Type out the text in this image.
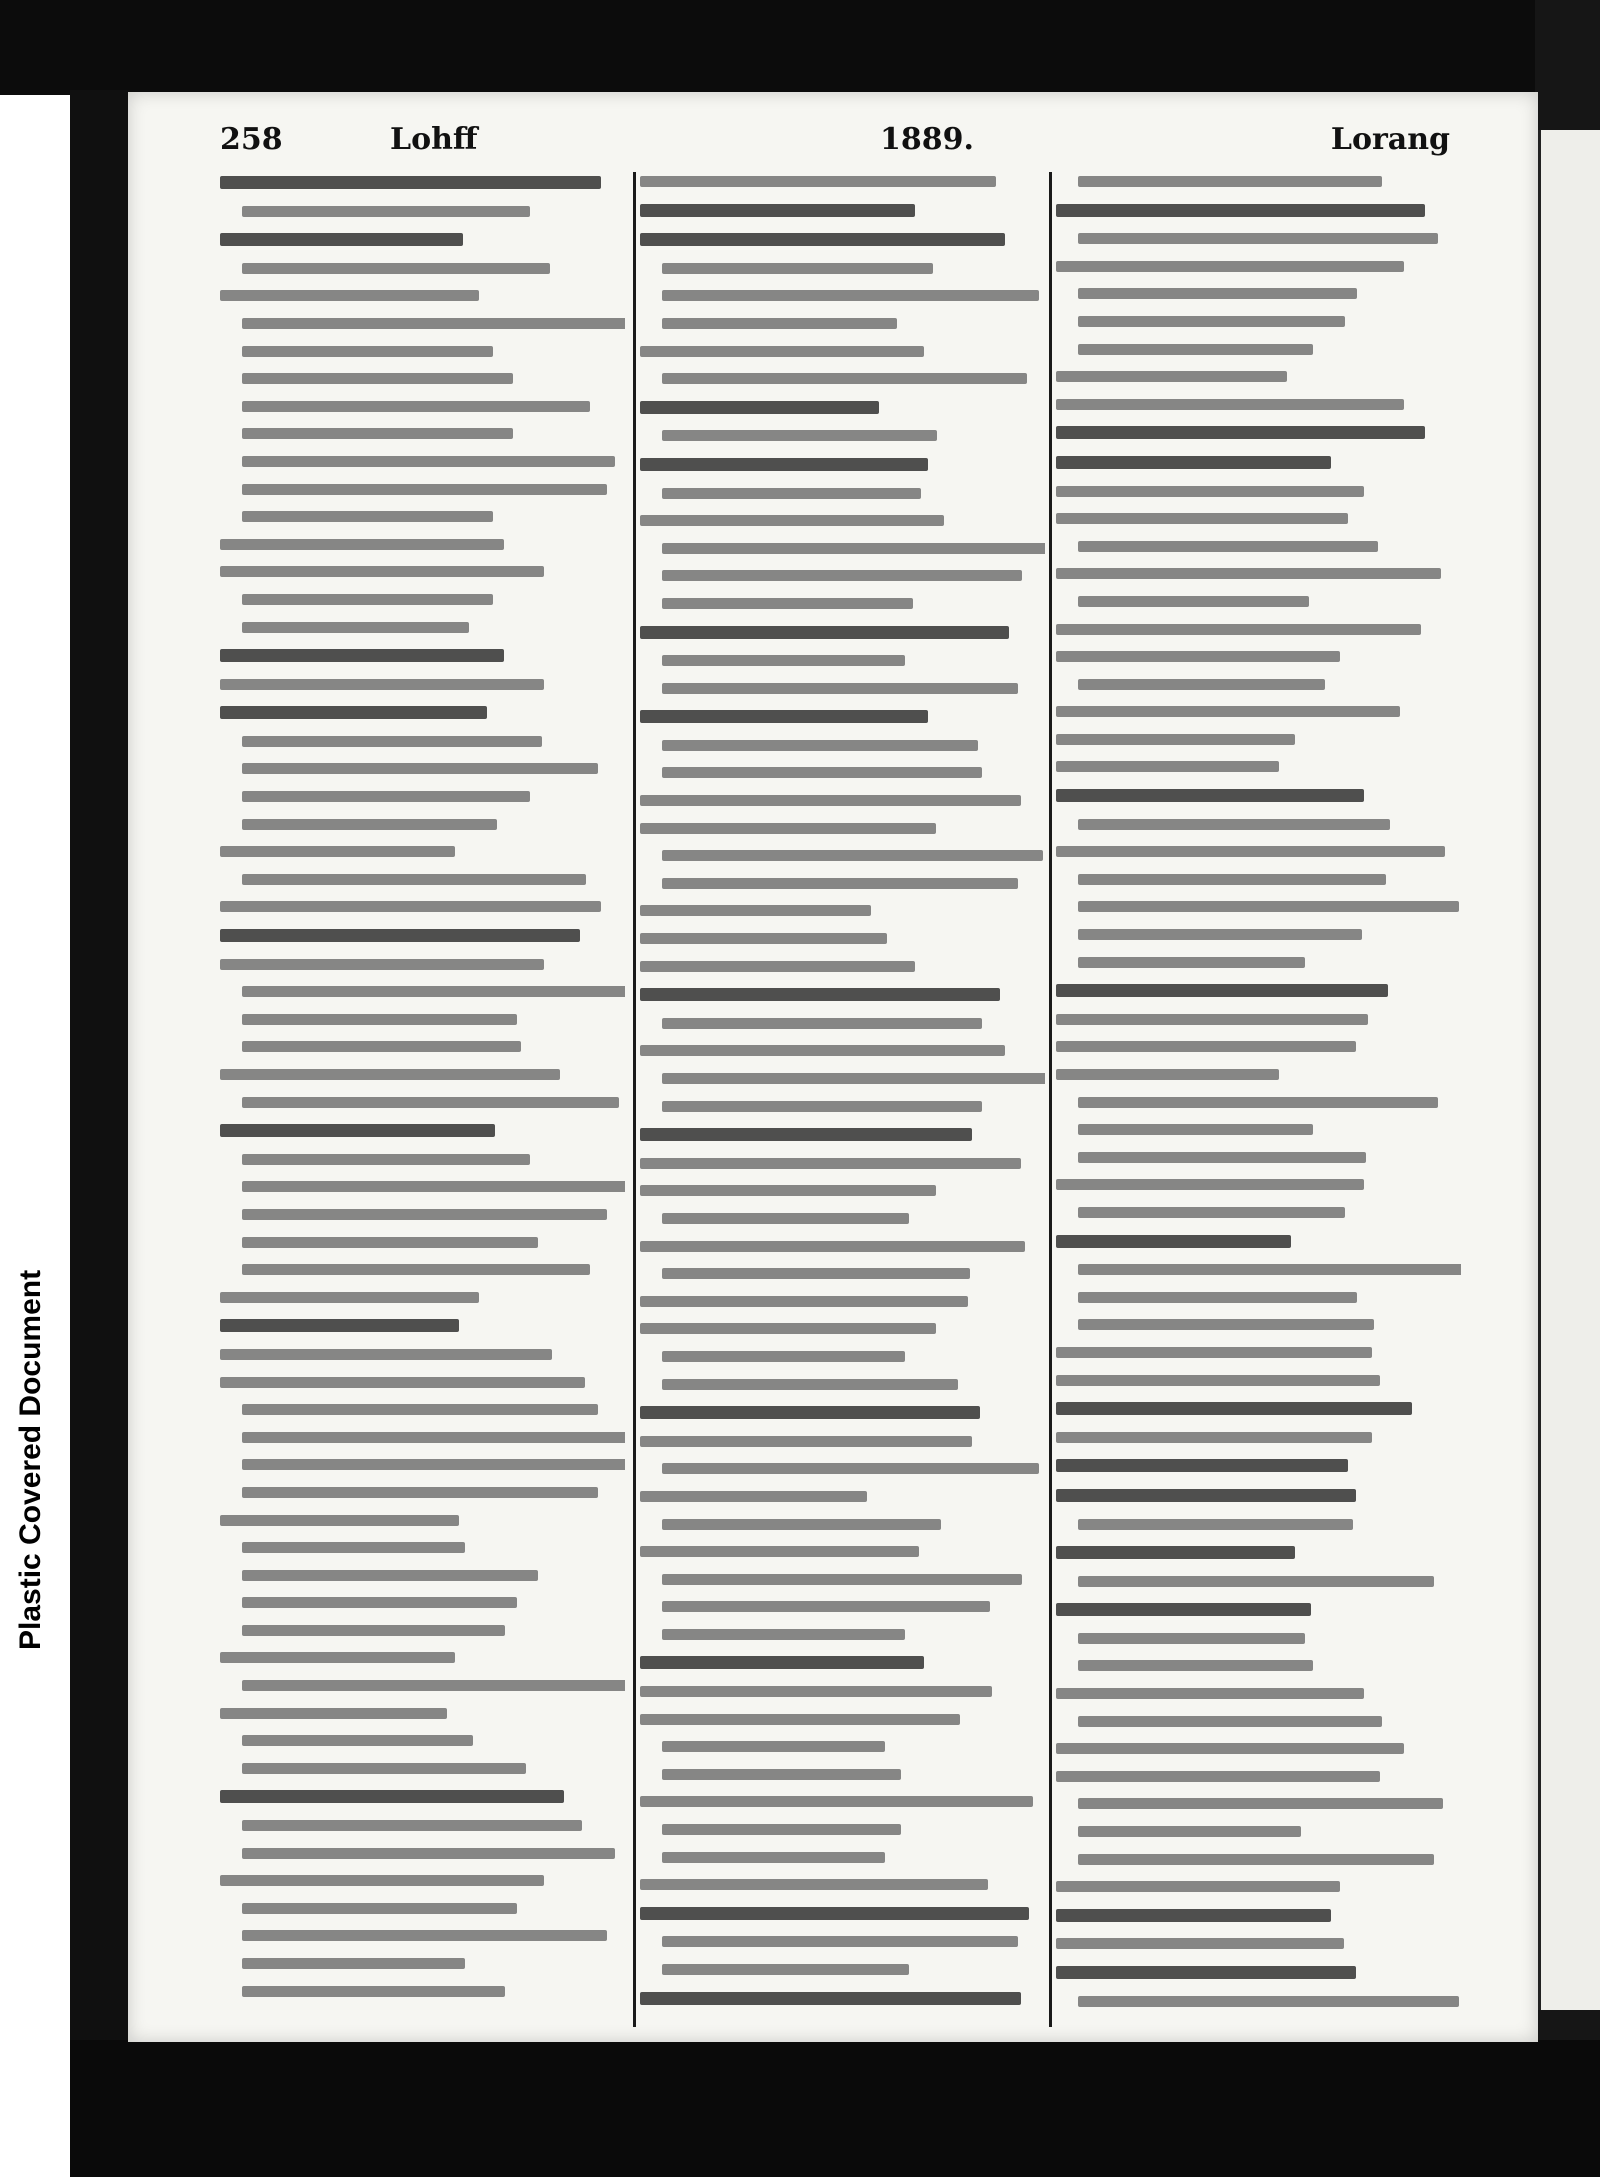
Plastic Covered Document
258	Lohff	1889.	Lorang
